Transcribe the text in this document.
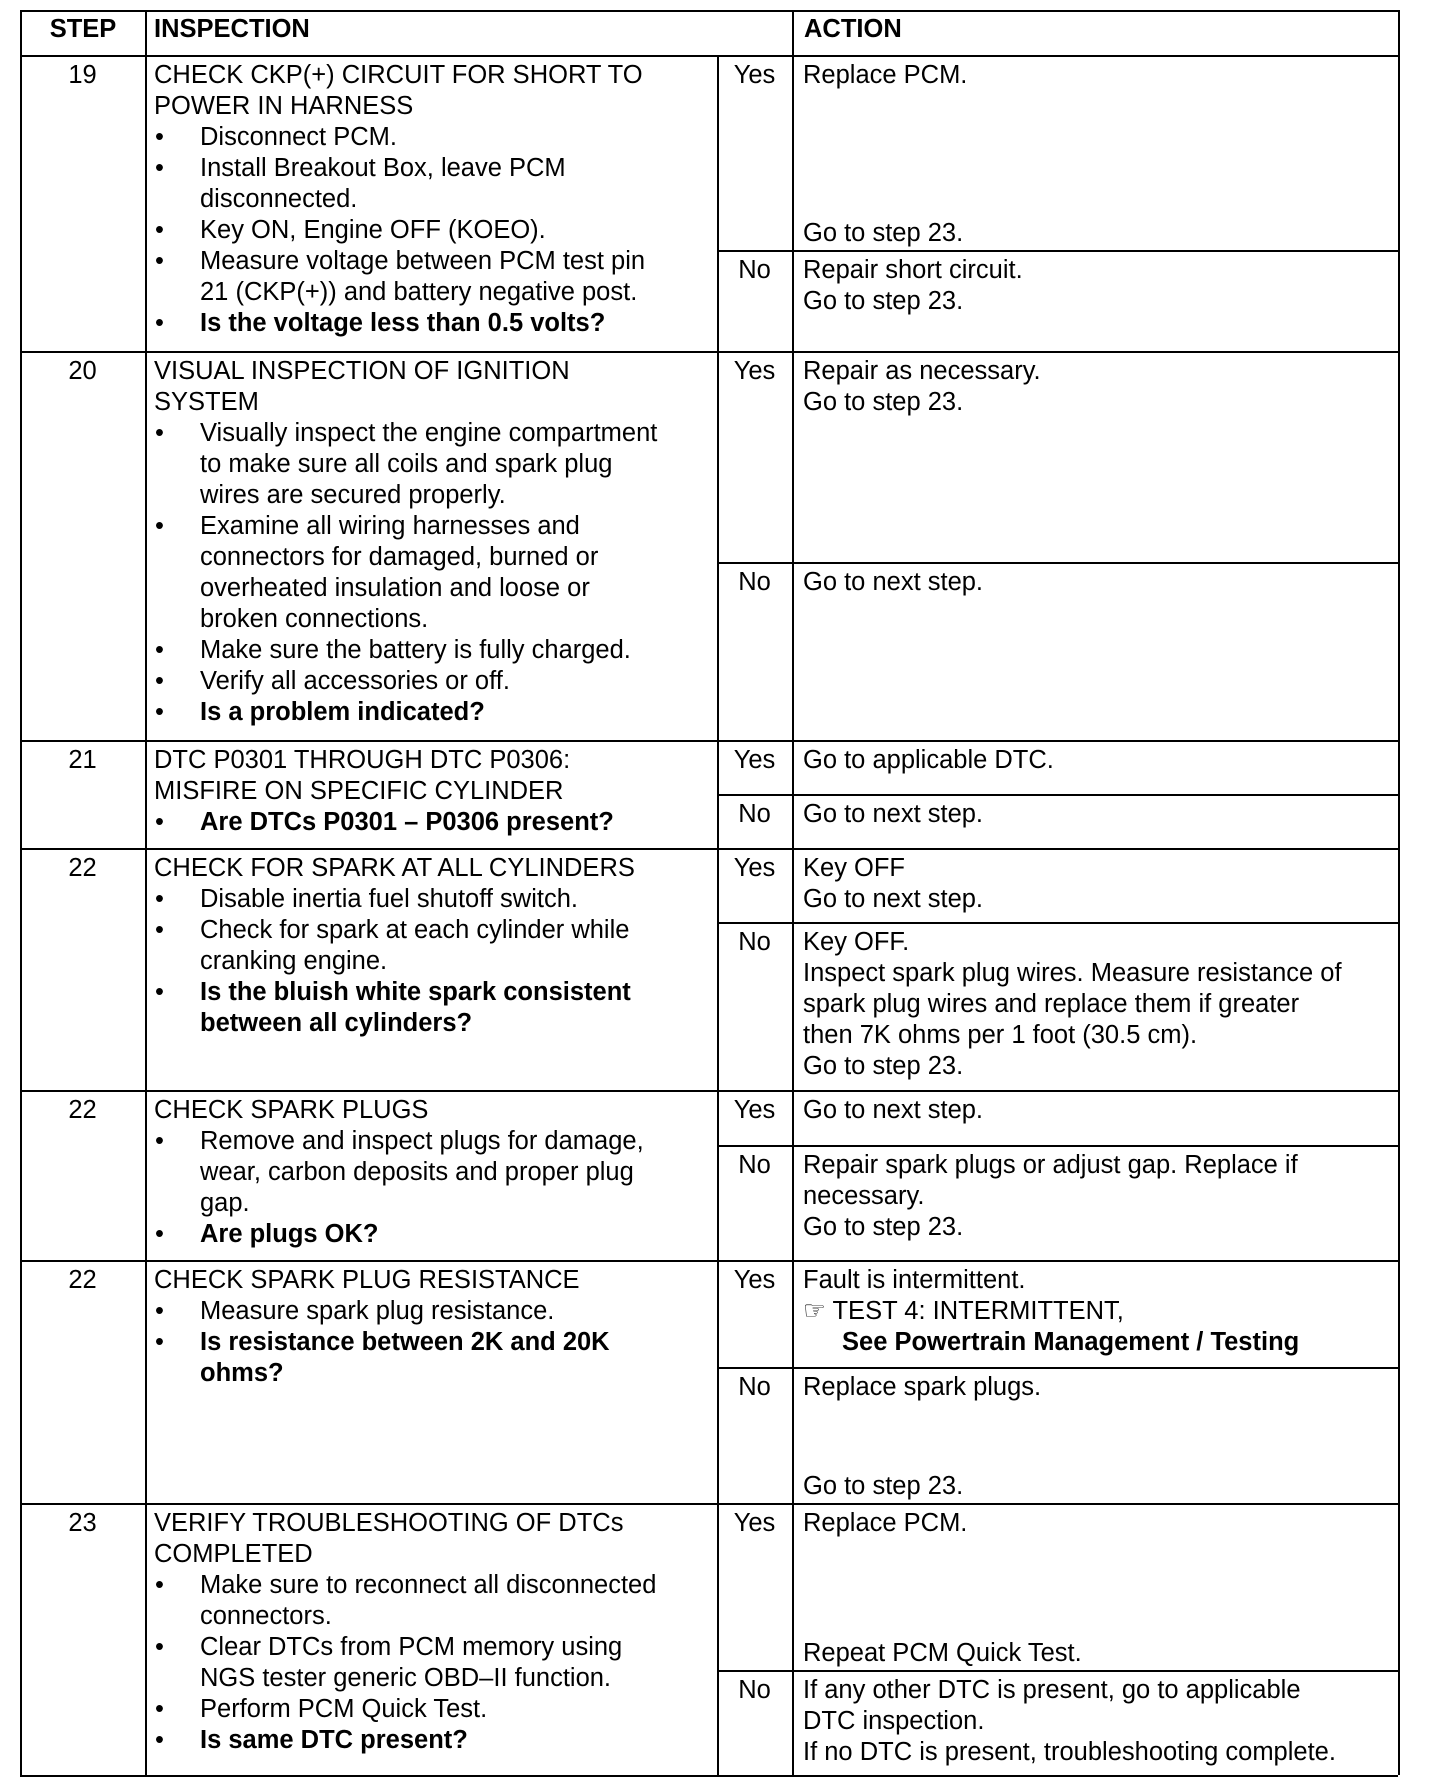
STEP	INSPECTION	ACTION
19	CHECK CKP(+) CIRCUIT FOR SHORT TO
POWER IN HARNESS
• Disconnect PCM.
• Install Breakout Box, leave PCM
disconnected.
• Key ON, Engine OFF (KOEO).
• Measure voltage between PCM test pin
21 (CKP(+)) and battery negative post.
• Is the voltage less than 0.5 volts?
Yes	Replace PCM.
Go to step 23.
No	Repair short circuit.
Go to step 23.
20	VISUAL INSPECTION OF IGNITION
SYSTEM
• Visually inspect the engine compartment
to make sure all coils and spark plug
wires are secured properly.
• Examine all wiring harnesses and
connectors for damaged, burned or
overheated insulation and loose or
broken connections.
• Make sure the battery is fully charged.
• Verify all accessories or off.
• Is a problem indicated?
Yes	Repair as necessary.
Go to step 23.
No	Go to next step.
21	DTC P0301 THROUGH DTC P0306:
MISFIRE ON SPECIFIC CYLINDER
• Are DTCs P0301 – P0306 present?
Yes	Go to applicable DTC.
No	Go to next step.
22	CHECK FOR SPARK AT ALL CYLINDERS
• Disable inertia fuel shutoff switch.
• Check for spark at each cylinder while
cranking engine.
• Is the bluish white spark consistent
between all cylinders?
Yes	Key OFF
Go to next step.
No	Key OFF.
Inspect spark plug wires. Measure resistance of
spark plug wires and replace them if greater
then 7K ohms per 1 foot (30.5 cm).
Go to step 23.
22	CHECK SPARK PLUGS
• Remove and inspect plugs for damage,
wear, carbon deposits and proper plug
gap.
• Are plugs OK?
Yes	Go to next step.
No	Repair spark plugs or adjust gap. Replace if
necessary.
Go to step 23.
22	CHECK SPARK PLUG RESISTANCE
• Measure spark plug resistance.
• Is resistance between 2K and 20K
ohms?
Yes	Fault is intermittent.
☞ TEST 4: INTERMITTENT,
See Powertrain Management / Testing
No	Replace spark plugs.
Go to step 23.
23	VERIFY TROUBLESHOOTING OF DTCs
COMPLETED
• Make sure to reconnect all disconnected
connectors.
• Clear DTCs from PCM memory using
NGS tester generic OBD–II function.
• Perform PCM Quick Test.
• Is same DTC present?
Yes	Replace PCM.
Repeat PCM Quick Test.
No	If any other DTC is present, go to applicable
DTC inspection.
If no DTC is present, troubleshooting complete.
